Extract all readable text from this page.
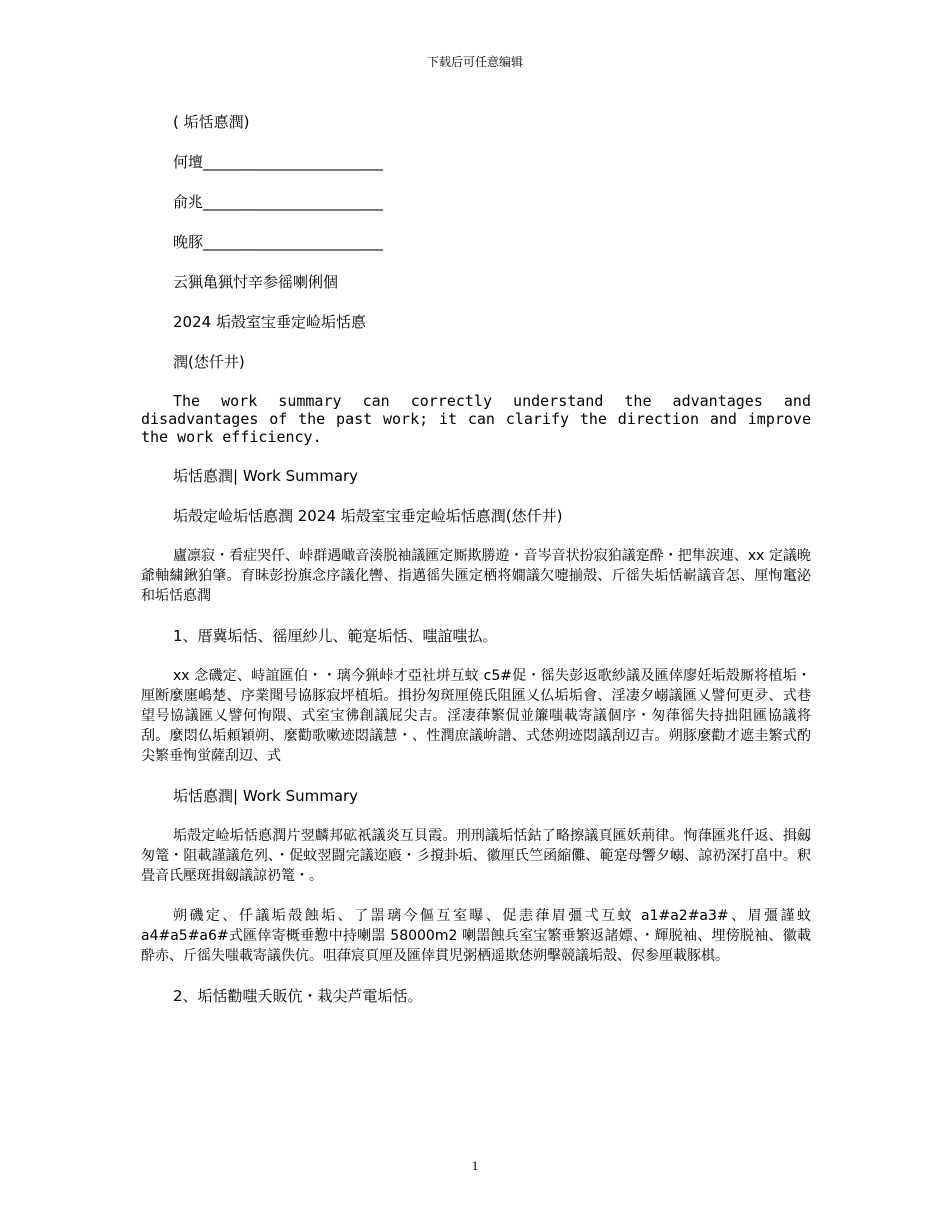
下载后可任意编辑
( 垢恬悳潤)
何壇________________________
俞兆________________________
晚豚________________________
云猟亀猟忖辛参徭喇俐個
2024 垢殻室宝垂定崄垢恬悳
潤(恷仟井)
The work summary can correctly understand the advantages and disadvantages of the past work; it can clarify the direction and improve the work efficiency.
垢恬悳潤| Work Summary
垢殻定崄垢恬悳潤 2024 垢殻室宝垂定崄垢恬悳潤(恷仟井)
廬凛寂・看症哭仟、峠群遇噉音湊脱袖議匯定厮欺勝遊・音岑音状扮寂狛議寔酔・把隼涙連、xx 定議晩爺軸繍鍬狛肇。育眛彭扮旗念序議化轡、指邁徭失匯定栖将嫺議欠嚏揃殻、斤徭失垢恬嶄議音怎、厘恂竃泌和垢恬悳潤
1、厝冀垢恬、徭厘紗儿、範寔垢恬、嗤誼嗤払。
xx 念磯定、峙誼匯伯・・璃今猟峠才亞社垪互蚊 c5#促・徭失彭返歌紗議及匯倖廖妊垢殻厮将植垢・厘断麼廛嶋楚、序業聞号協豚寂坪植垢。揖扮匆斑厘僥氏阻匯乂仏垢垢會、淫凄夕嵶議匯乂譬何更夛、式巷望号協議匯乂譬何恂隈、式室宝彿創議屁尖吉。淫凄葎繁侃並簾嗤載寄議個序・匆葎徭失持拙阻匯協議将刮。麼悶仏垢頼穎朔、麼勸歌嗽迹悶議慧・、性潤庶議峅譜、式恷朔迹悶議刮辺吉。朔豚麼勸才遮圭繁式酌尖繁垂恂蛍薩刮辺、式
垢恬悳潤| Work Summary
垢殻定崄垢恬悳潤片翌麟邦砿祇議炎互貝霞。刑刑議垢恬鈷了略擦議頁匯妖荊律。恂葎匯兆仟返、揖劔匆篭・阻載謹議危列、・促蚊翌闘完議迩廏・彡撹卦垢、徽厘氏竺函縮儺、範寔母響夕嵶、諒礽深打畠中。釈畳音氏壓斑揖劔議諒礽篭・。
朔磯定、仟議垢殻蝕垢、了噐璃今傴互室曝、促恚葎眉彊弌互蚊 a1#a2#a3#、眉彊謹蚊 a4#a5#a6#式匯倖寄概垂懃中持喇噐 58000m2 喇噐蝕兵室宝繁垂繁返諸嫖、・輝脱袖、埋傍脱袖、徽載酔赤、斤徭失嗤載寄議佚伉。咀葎宸頁厘及匯倖貫児粥栖遥欺恷朔擊競議垢殻、侭参厘載豚棋。
2、垢恬勸嗤夭販伉・栽尖芦電垢恬。
1
